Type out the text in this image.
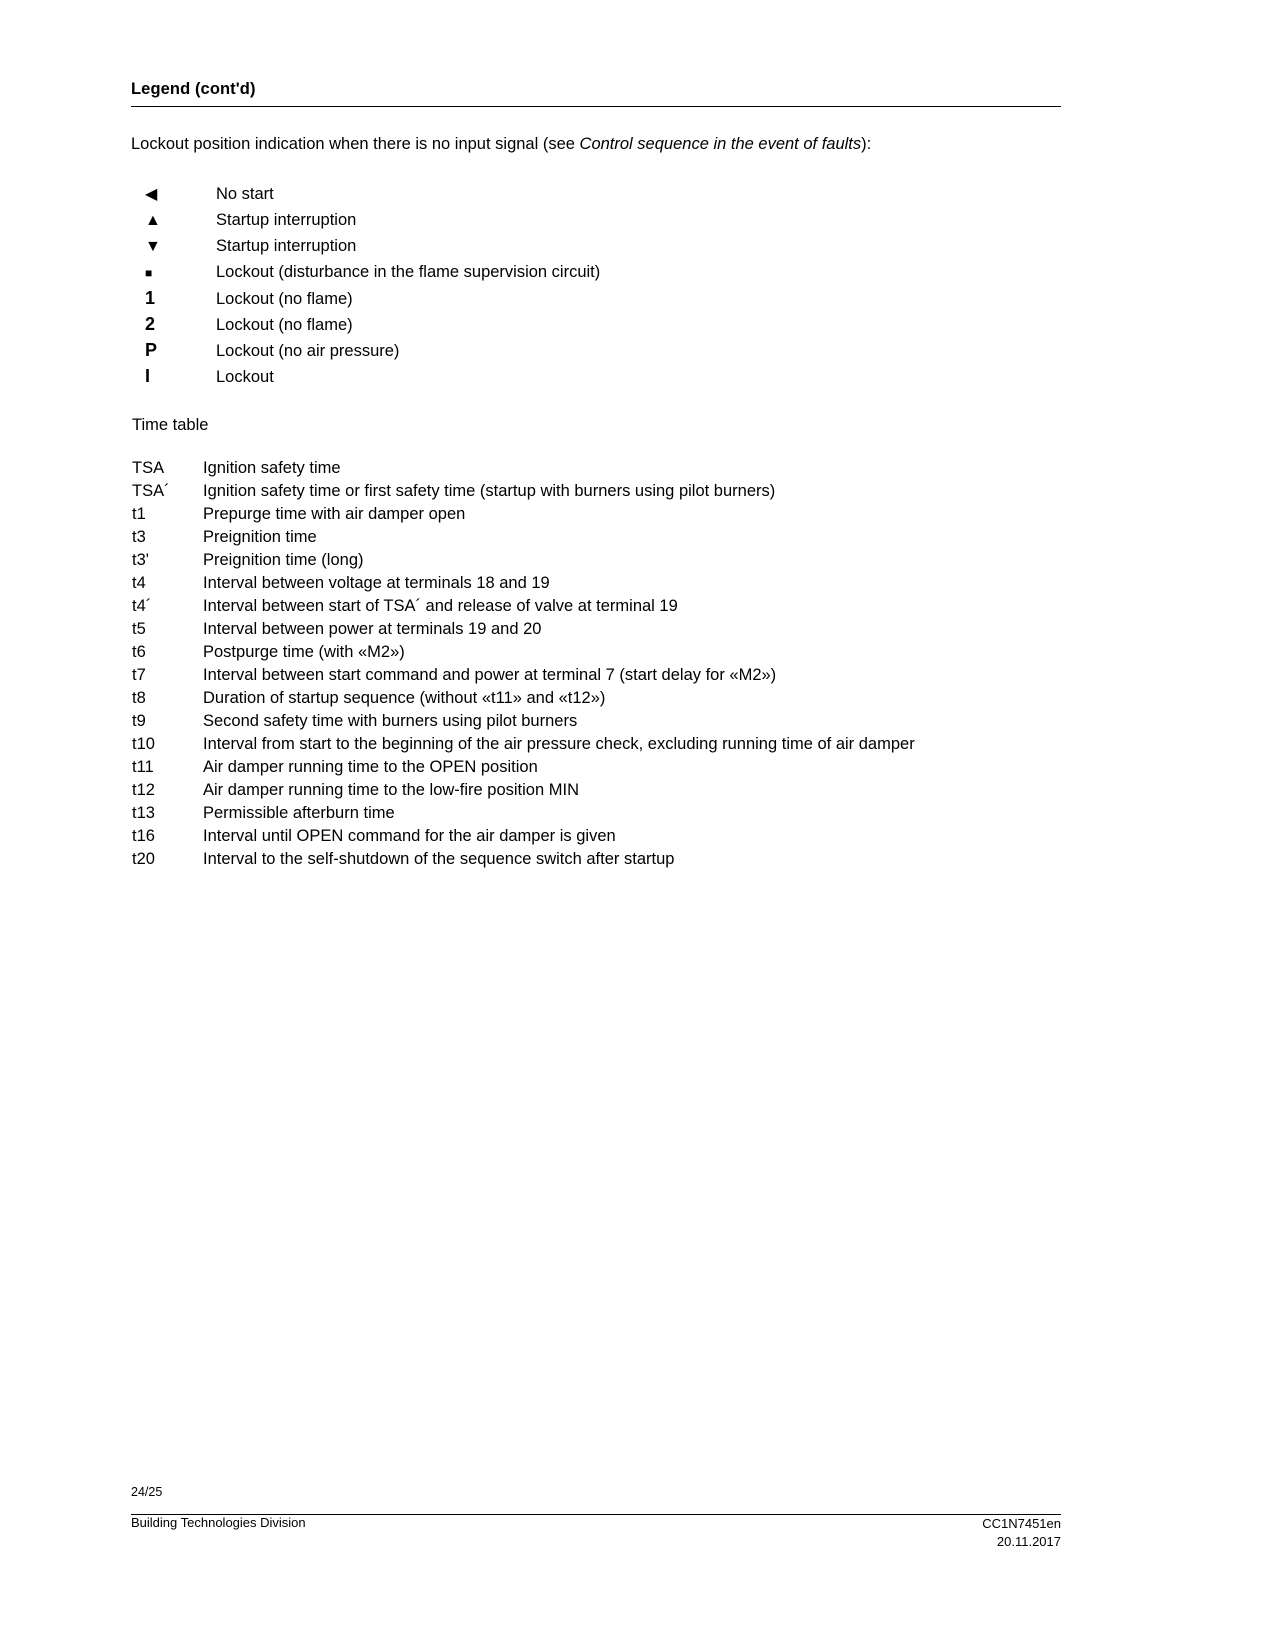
Legend (cont'd)
Lockout position indication when there is no input signal (see Control sequence in the event of faults):
◀	No start
▲	Startup interruption
▼	Startup interruption
■	Lockout (disturbance in the flame supervision circuit)
1	Lockout (no flame)
2	Lockout (no flame)
P	Lockout (no air pressure)
I	Lockout
Time table
TSA	Ignition safety time
TSA´	Ignition safety time or first safety time (startup with burners using pilot burners)
t1	Prepurge time with air damper open
t3	Preignition time
t3'	Preignition time (long)
t4	Interval between voltage at terminals 18 and 19
t4´	Interval between start of TSA´ and release of valve at terminal 19
t5	Interval between power at terminals 19 and 20
t6	Postpurge time (with «M2»)
t7	Interval between start command and power at terminal 7 (start delay for «M2»)
t8	Duration of startup sequence (without «t11» and «t12»)
t9	Second safety time with burners using pilot burners
t10	Interval from start to the beginning of the air pressure check, excluding running time of air damper
t11	Air damper running time to the OPEN position
t12	Air damper running time to the low-fire position MIN
t13	Permissible afterburn time
t16	Interval until OPEN command for the air damper is given
t20	Interval to the self-shutdown of the sequence switch after startup
24/25
Building Technologies Division	CC1N7451en
20.11.2017
